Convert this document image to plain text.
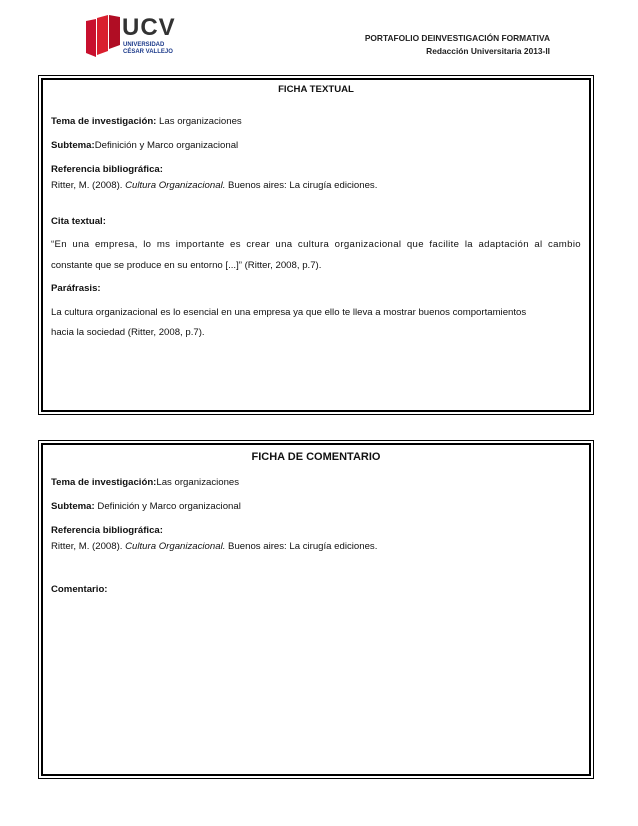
UCV
UNIVERSIDAD
CÉSAR VALLEJO
PORTAFOLIO DEINVESTIGACIÓN FORMATIVA
Redacción Universitaria 2013-II
FICHA TEXTUAL
Tema de investigación: Las organizaciones
Subtema:Definición y Marco organizacional
Referencia bibliográfica:
Ritter, M. (2008). Cultura Organizacional. Buenos aires: La cirugía ediciones.
Cita textual:
“En una empresa, lo ms importante es crear una cultura organizacional que facilite la adaptación al cambio
constante que se produce en su entorno [...]” (Ritter, 2008, p.7).
Paráfrasis:
La cultura organizacional es lo esencial en una empresa ya que ello te lleva a mostrar buenos comportamientos
hacia la sociedad (Ritter, 2008, p.7).
FICHA DE COMENTARIO
Tema de investigación:Las organizaciones
Subtema: Definición y Marco organizacional
Referencia bibliográfica:
Ritter, M. (2008). Cultura Organizacional. Buenos aires: La cirugía ediciones.
Comentario:
